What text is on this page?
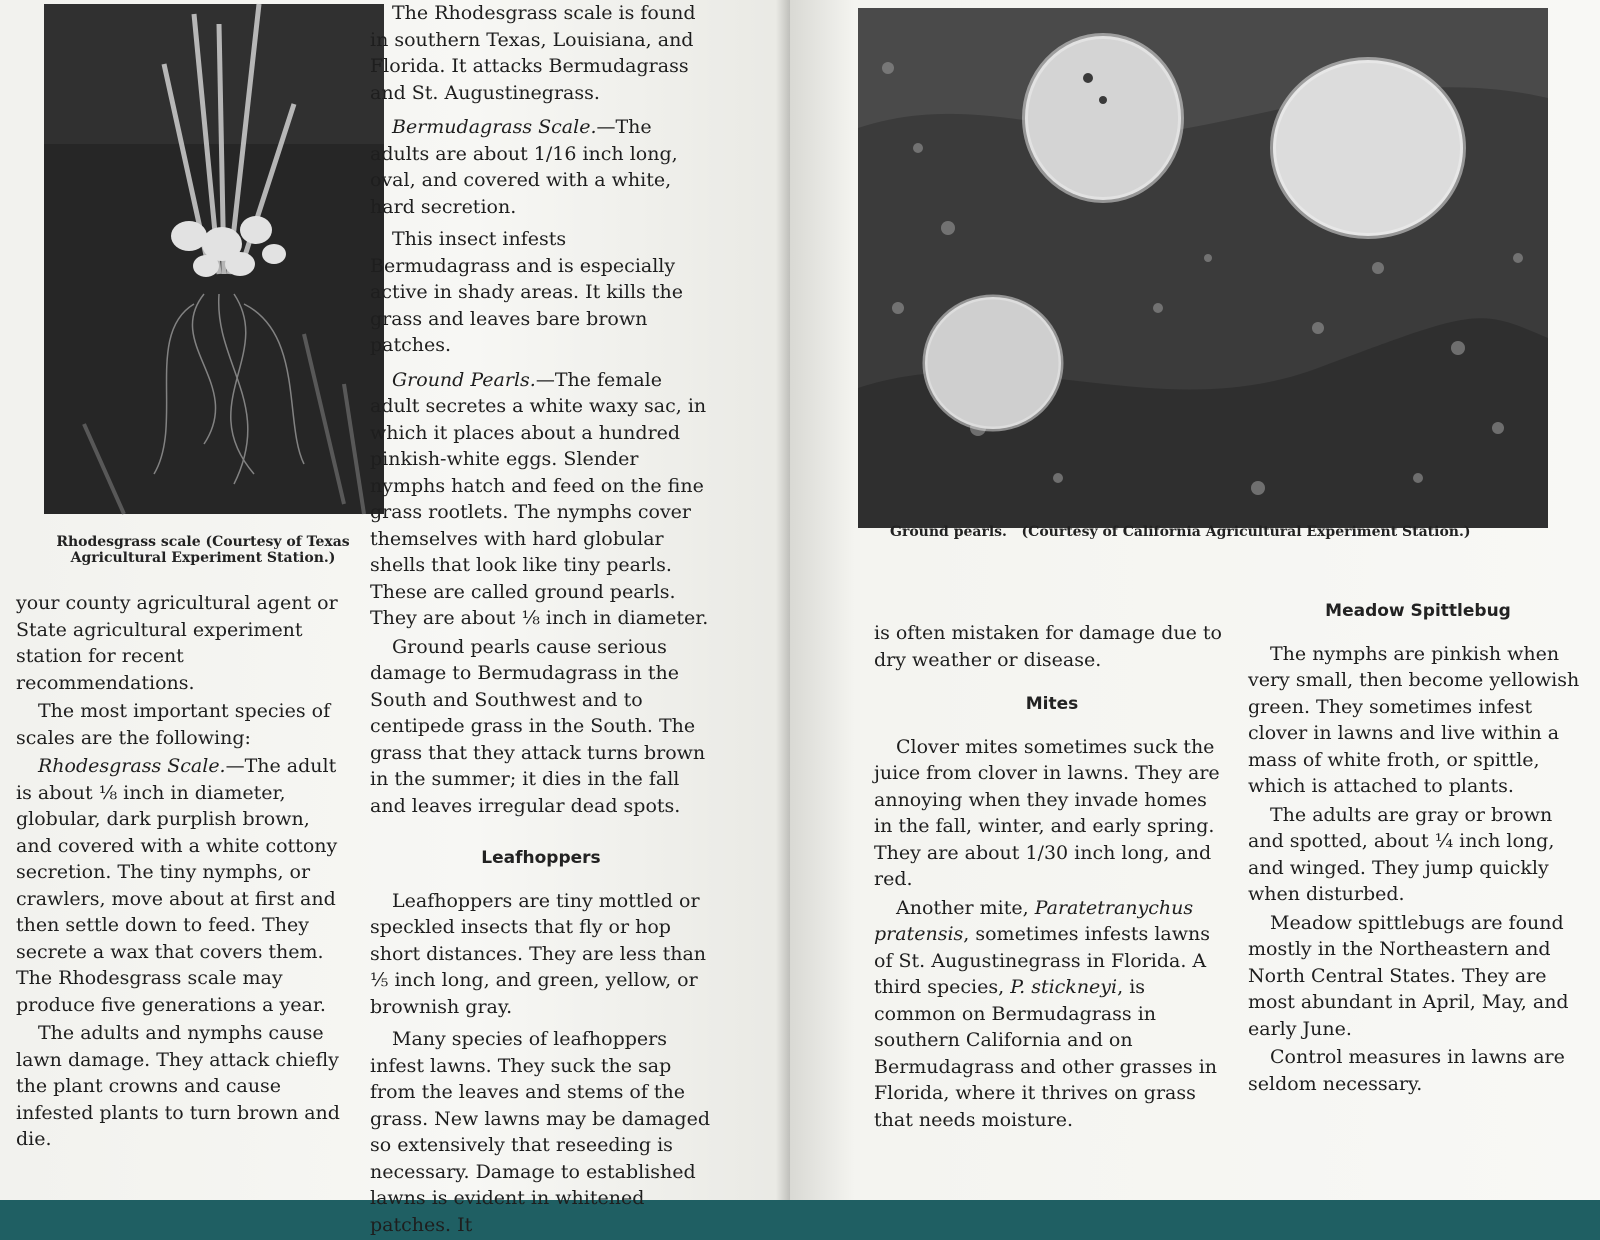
Rhodesgrass scale (Courtesy of Texas
Agricultural Experiment Station.)

your county agricultural agent or State agricultural experiment station for recent recommendations.

The most important species of scales are the following:

Rhodesgrass Scale.—The adult is about ⅛ inch in diameter, globular, dark purplish brown, and covered with a white cottony secretion. The tiny nymphs, or crawlers, move about at first and then settle down to feed. They secrete a wax that covers them. The Rhodesgrass scale may produce five generations a year.

The adults and nymphs cause lawn damage. They attack chiefly the plant crowns and cause infested plants to turn brown and die.

The Rhodesgrass scale is found in southern Texas, Louisiana, and Florida. It attacks Bermudagrass and St. Augustinegrass.

Bermudagrass Scale.—The adults are about 1/16 inch long, oval, and covered with a white, hard secretion.

This insect infests Bermudagrass and is especially active in shady areas. It kills the grass and leaves bare brown patches.

Ground Pearls.—The female adult secretes a white waxy sac, in which it places about a hundred pinkish-white eggs. Slender nymphs hatch and feed on the fine grass rootlets. The nymphs cover themselves with hard globular shells that look like tiny pearls. These are called ground pearls. They are about ⅛ inch in diameter.

Ground pearls cause serious damage to Bermudagrass in the South and Southwest and to centipede grass in the South. The grass that they attack turns brown in the summer; it dies in the fall and leaves irregular dead spots.

Leafhoppers

Leafhoppers are tiny mottled or speckled insects that fly or hop short distances. They are less than ⅕ inch long, and green, yellow, or brownish gray.

Many species of leafhoppers infest lawns. They suck the sap from the leaves and stems of the grass. New lawns may be damaged so extensively that reseeding is necessary. Damage to established lawns is evident in whitened patches. It

Ground pearls. (Courtesy of California Agricultural Experiment Station.)

is often mistaken for damage due to dry weather or disease.

Mites

Clover mites sometimes suck the juice from clover in lawns. They are annoying when they invade homes in the fall, winter, and early spring. They are about 1/30 inch long, and red.

Another mite, Paratetranychus pratensis, sometimes infests lawns of St. Augustinegrass in Florida. A third species, P. stickneyi, is common on Bermudagrass in southern California and on Bermudagrass and other grasses in Florida, where it thrives on grass that needs moisture.

Meadow Spittlebug

The nymphs are pinkish when very small, then become yellowish green. They sometimes infest clover in lawns and live within a mass of white froth, or spittle, which is attached to plants.

The adults are gray or brown and spotted, about ¼ inch long, and winged. They jump quickly when disturbed.

Meadow spittlebugs are found mostly in the Northeastern and North Central States. They are most abundant in April, May, and early June.

Control measures in lawns are seldom necessary.
